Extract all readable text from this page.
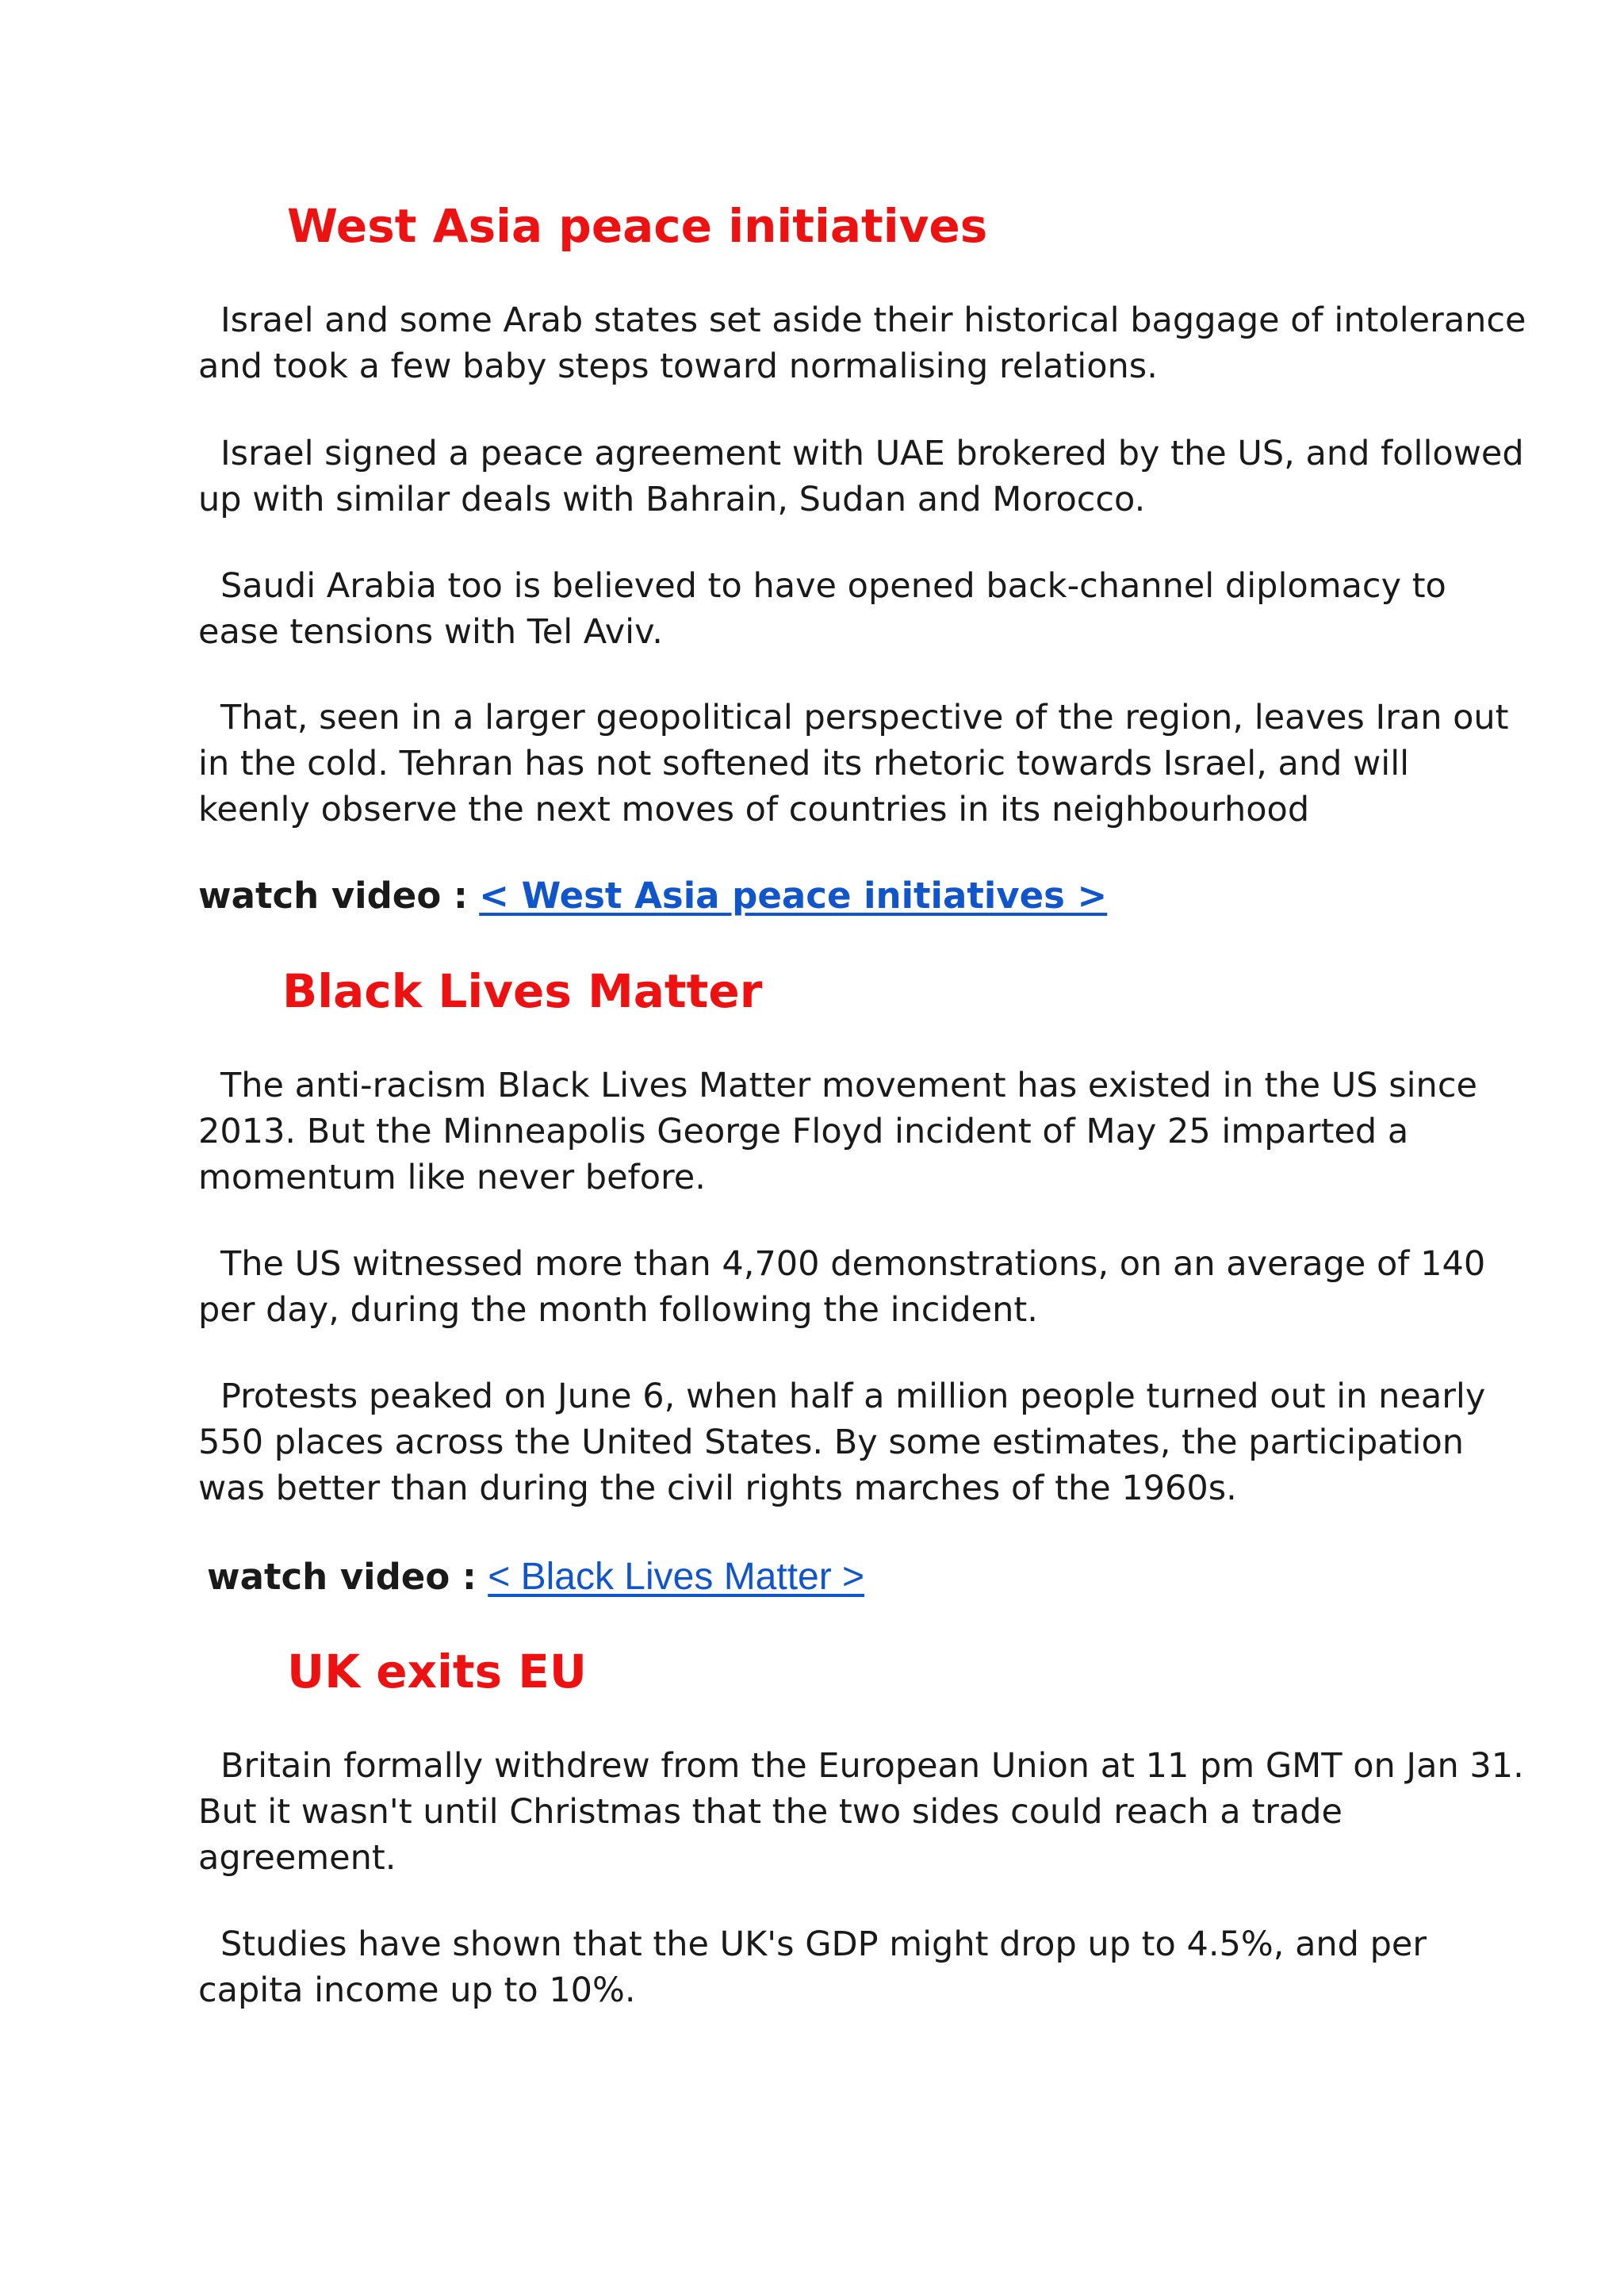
West Asia peace initiatives

Israel and some Arab states set aside their historical baggage of intolerance and took a few baby steps toward normalising relations.

Israel signed a peace agreement with UAE brokered by the US, and followed up with similar deals with Bahrain, Sudan and Morocco.

Saudi Arabia too is believed to have opened back-channel diplomacy to ease tensions with Tel Aviv.

That, seen in a larger geopolitical perspective of the region, leaves Iran out in the cold. Tehran has not softened its rhetoric towards Israel, and will keenly observe the next moves of countries in its neighbourhood

watch video : < West Asia peace initiatives >
Black Lives Matter

The anti-racism Black Lives Matter movement has existed in the US since 2013. But the Minneapolis George Floyd incident of May 25 imparted a momentum like never before.

The US witnessed more than 4,700 demonstrations, on an average of 140 per day, during the month following the incident.

Protests peaked on June 6, when half a million people turned out in nearly 550 places across the United States. By some estimates, the participation was better than during the civil rights marches of the 1960s.

watch video : < Black Lives Matter >
UK exits EU

Britain formally withdrew from the European Union at 11 pm GMT on Jan 31. But it wasn't until Christmas that the two sides could reach a trade agreement.

Studies have shown that the UK's GDP might drop up to 4.5%, and per capita income up to 10%.
